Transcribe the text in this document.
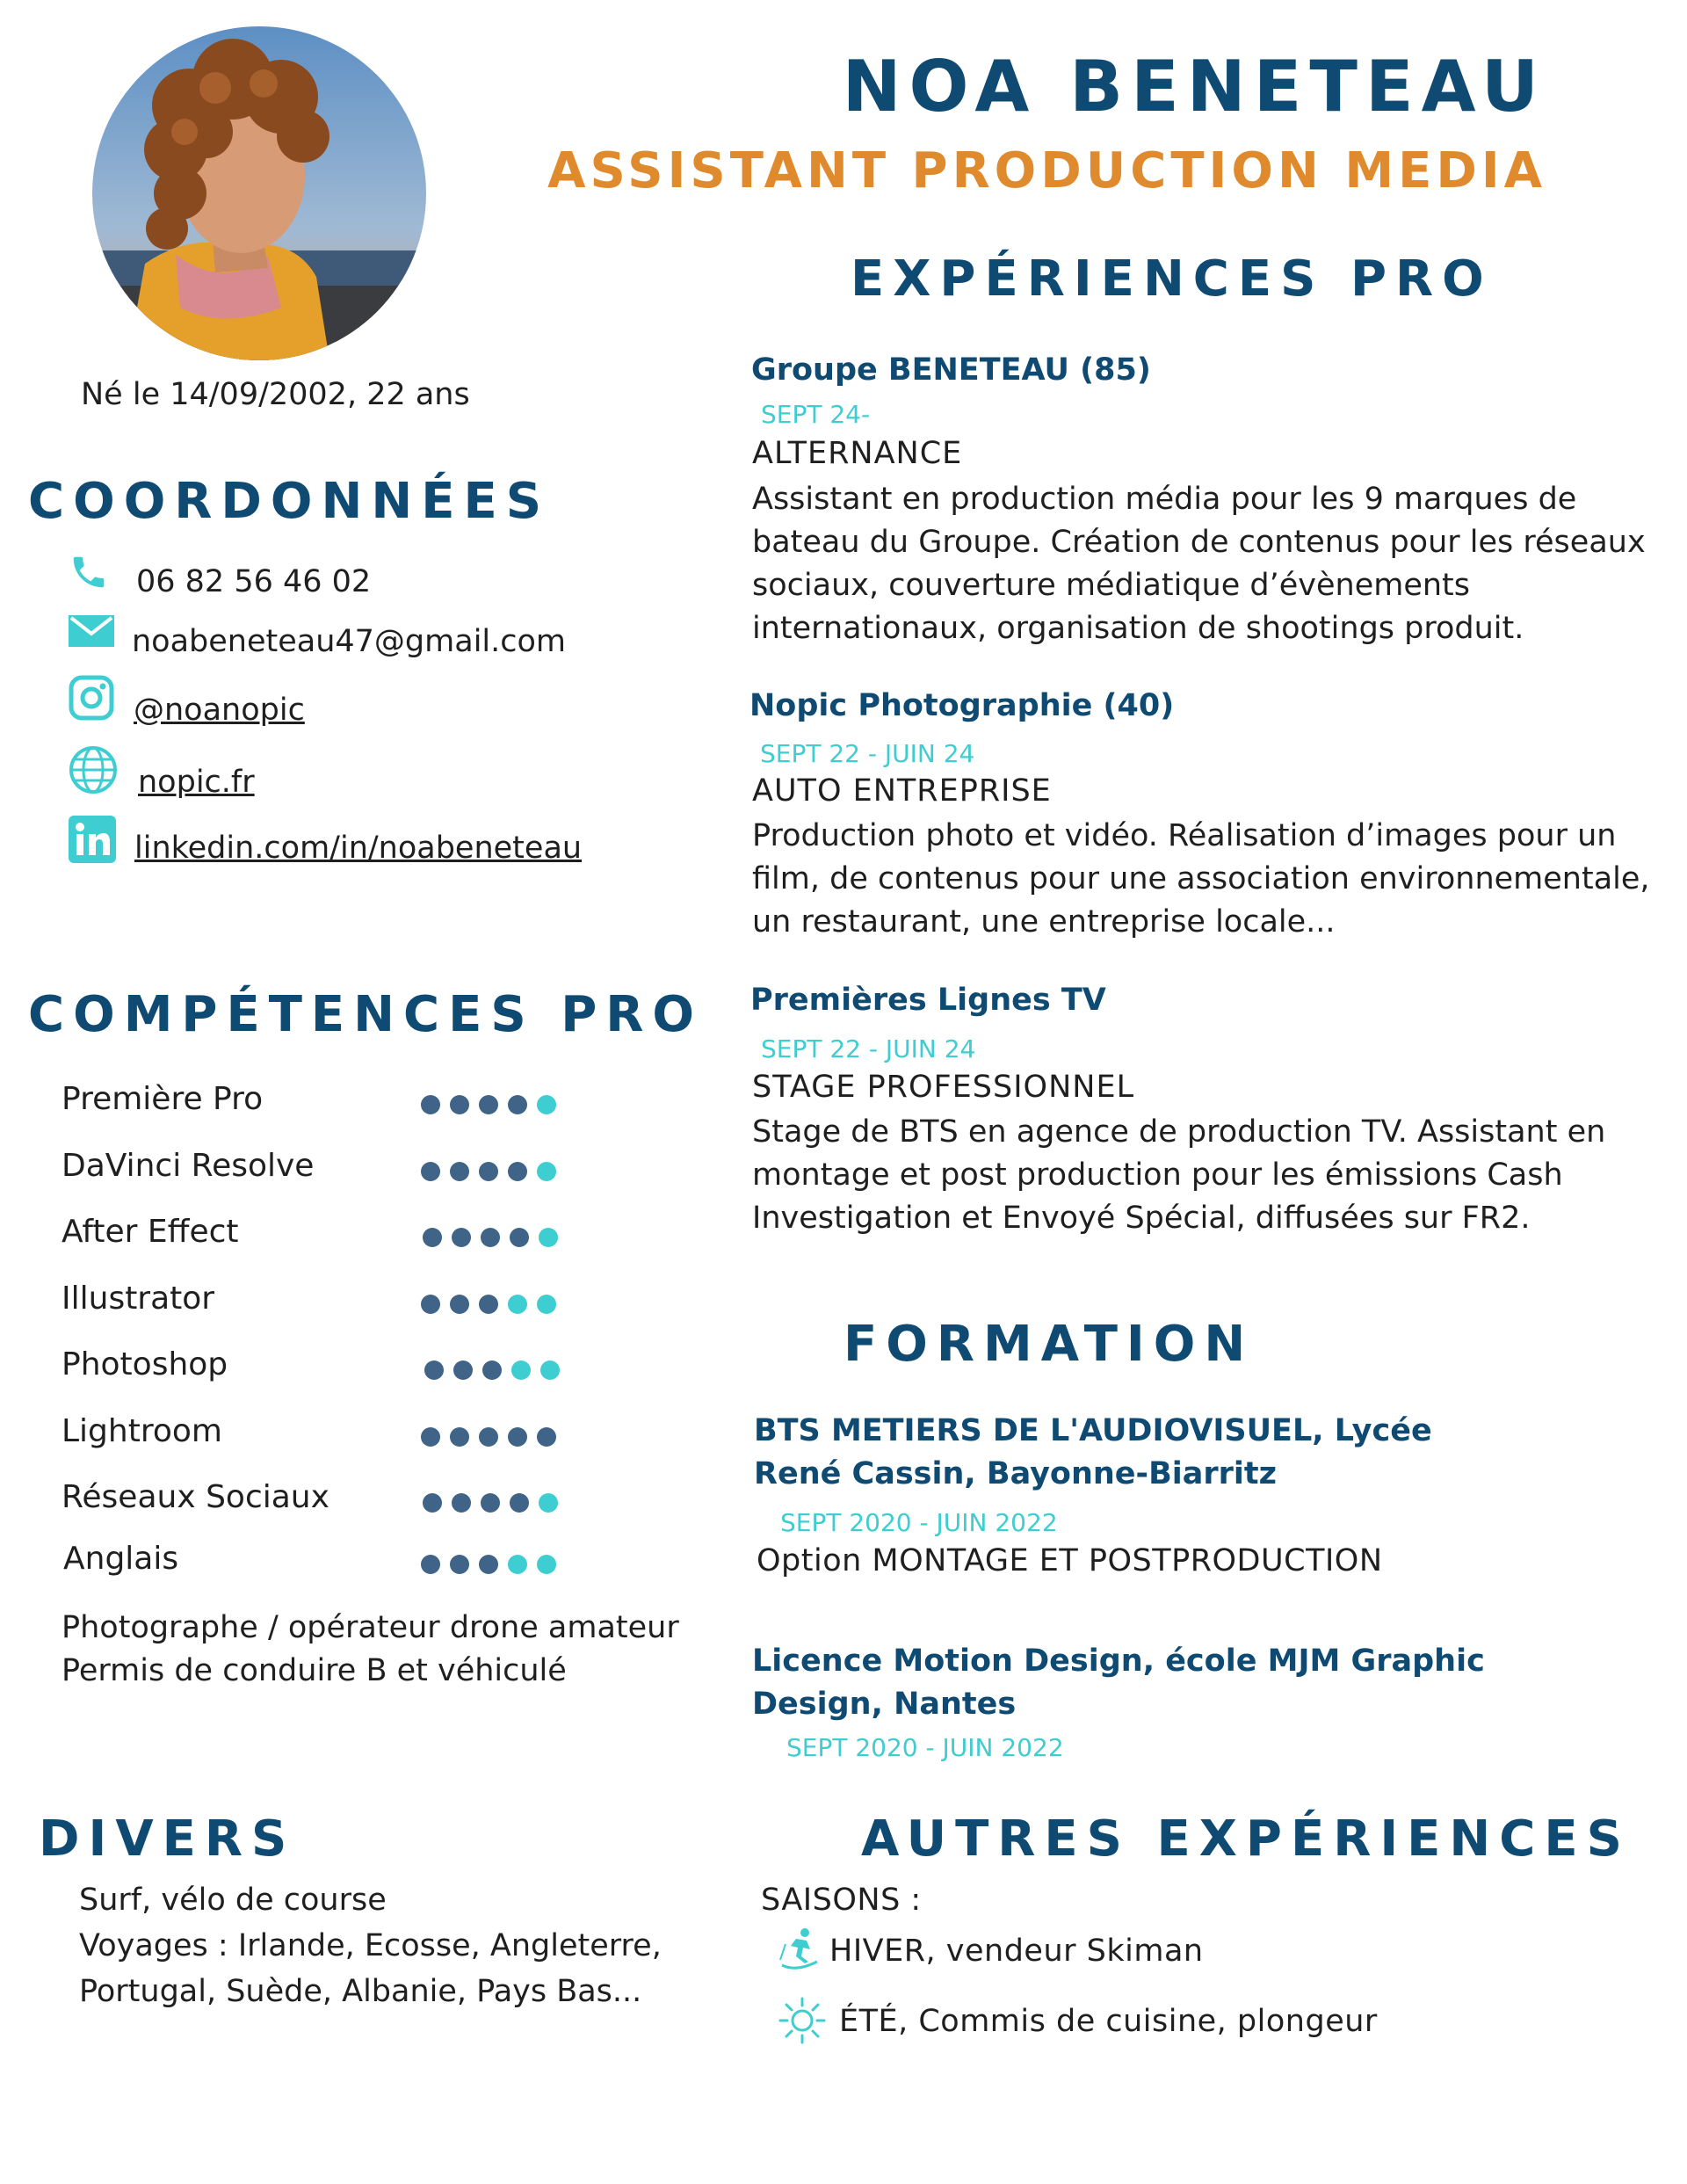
NOA BENETEAU
ASSISTANT PRODUCTION MEDIA
Né le 14/09/2002, 22 ans
COORDONNÉES
06 82 56 46 02
noabeneteau47@gmail.com
@noanopic
nopic.fr
linkedin.com/in/noabeneteau
COMPÉTENCES PRO
Première Pro
DaVinci Resolve
After Effect
Illustrator
Photoshop
Lightroom
Réseaux Sociaux
Anglais
Photographe / opérateur drone amateur
Permis de conduire B et véhiculé
DIVERS
Surf, vélo de course
Voyages : Irlande, Ecosse, Angleterre,
Portugal, Suède, Albanie, Pays Bas...
EXPÉRIENCES PRO
Groupe BENETEAU (85)
SEPT 24-
ALTERNANCE
Assistant en production média pour les 9 marques de bateau du Groupe. Création de contenus pour les réseaux sociaux, couverture médiatique d’évènements internationaux, organisation de shootings produit.
Nopic Photographie (40)
SEPT 22 - JUIN 24
AUTO ENTREPRISE
Production photo et vidéo. Réalisation d’images pour un film, de contenus pour une association environnementale, un restaurant, une entreprise locale...
Premières Lignes TV
SEPT 22 - JUIN 24
STAGE PROFESSIONNEL
Stage de BTS en agence de production TV. Assistant en montage et post production pour les émissions Cash Investigation et Envoyé Spécial, diffusées sur FR2.
FORMATION
BTS METIERS DE L'AUDIOVISUEL, Lycée René Cassin, Bayonne-Biarritz
SEPT 2020 - JUIN 2022
Option MONTAGE ET POSTPRODUCTION
Licence Motion Design, école MJM Graphic Design, Nantes
SEPT 2020 - JUIN 2022
AUTRES EXPÉRIENCES
SAISONS :
HIVER, vendeur Skiman
ÉTÉ, Commis de cuisine, plongeur
